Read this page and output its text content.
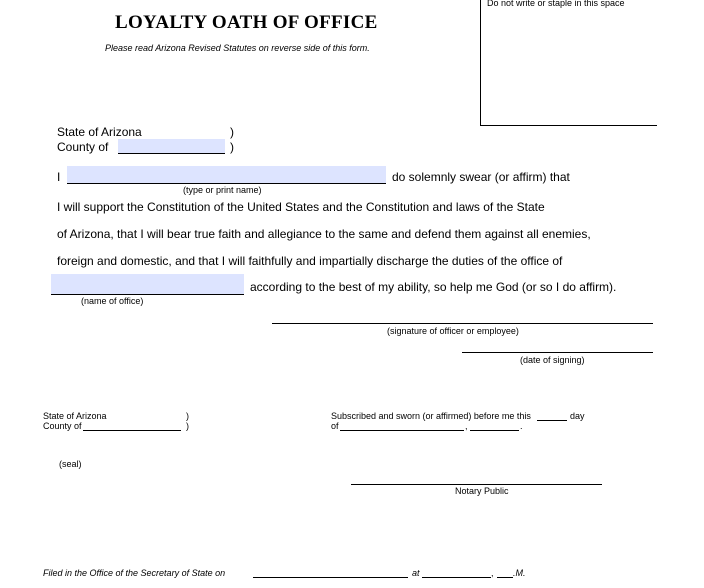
LOYALTY OATH OF OFFICE
Please read Arizona Revised Statutes on reverse side of this form.
Do not write or staple in this space
State of Arizona	)
County of	)
I	do solemnly swear (or affirm) that
(type or print name)
I will support the Constitution of the United States and the Constitution and laws of the State
of Arizona, that I will bear true faith and allegiance to the same and defend them against all enemies,
foreign and domestic, and that I will faithfully and impartially discharge the duties of the office of
according to the best of my ability, so help me God (or so I do affirm).
(name of office)
(signature of officer or employee)
(date of signing)
State of Arizona	)
County of	)
Subscribed and sworn (or affirmed) before me this	day
of	,	.
(seal)
Notary Public
Filed in the Office of the Secretary of State on	at	, .M.
